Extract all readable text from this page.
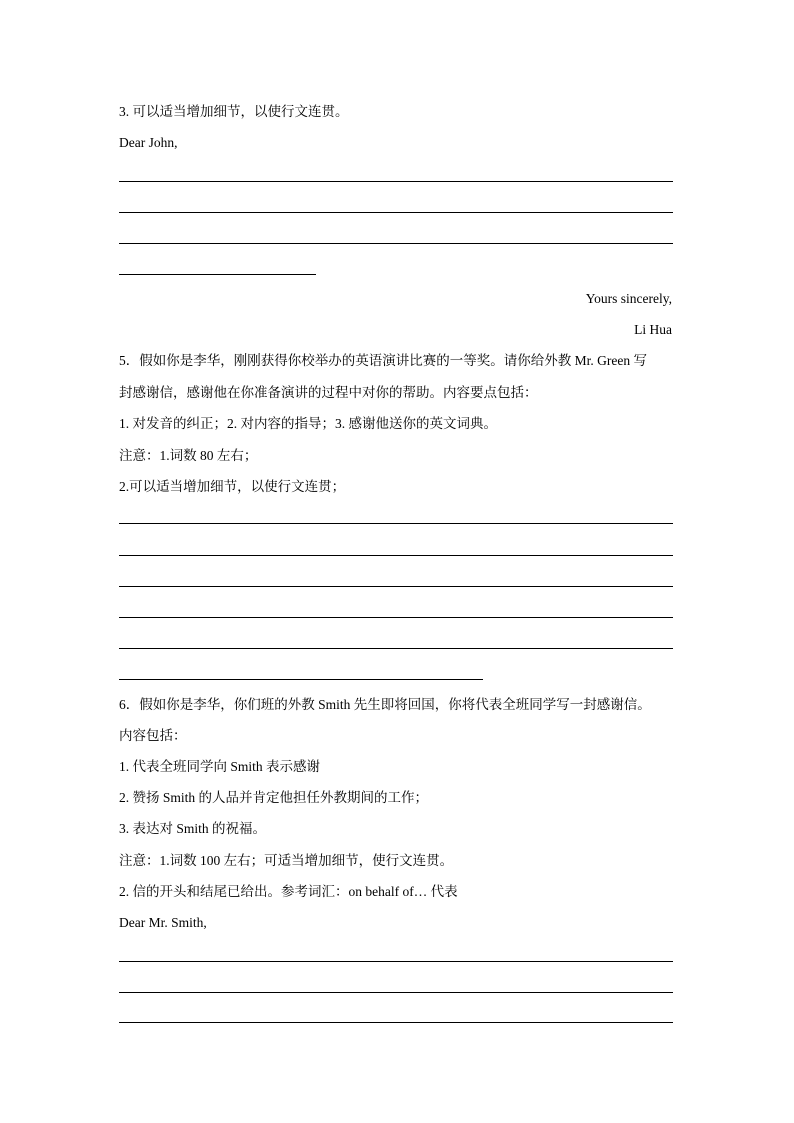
3. 可以适当增加细节，以使行文连贯。
Dear John,
Yours sincerely,
Li Hua
5．假如你是李华，刚刚获得你校举办的英语演讲比赛的一等奖。请你给外教 Mr. Green 写
封感谢信，感谢他在你准备演讲的过程中对你的帮助。内容要点包括：
1. 对发音的纠正；2. 对内容的指导；3. 感谢他送你的英文词典。
注意：1.词数 80 左右；
2.可以适当增加细节，以使行文连贯；
6．假如你是李华，你们班的外教 Smith 先生即将回国，你将代表全班同学写一封感谢信。
内容包括：
1. 代表全班同学向 Smith 表示感谢
2. 赞扬 Smith 的人品并肯定他担任外教期间的工作；
3. 表达对 Smith 的祝福。
注意：1.词数 100 左右；可适当增加细节，使行文连贯。
2. 信的开头和结尾已给出。参考词汇：on behalf of… 代表
Dear Mr. Smith,
